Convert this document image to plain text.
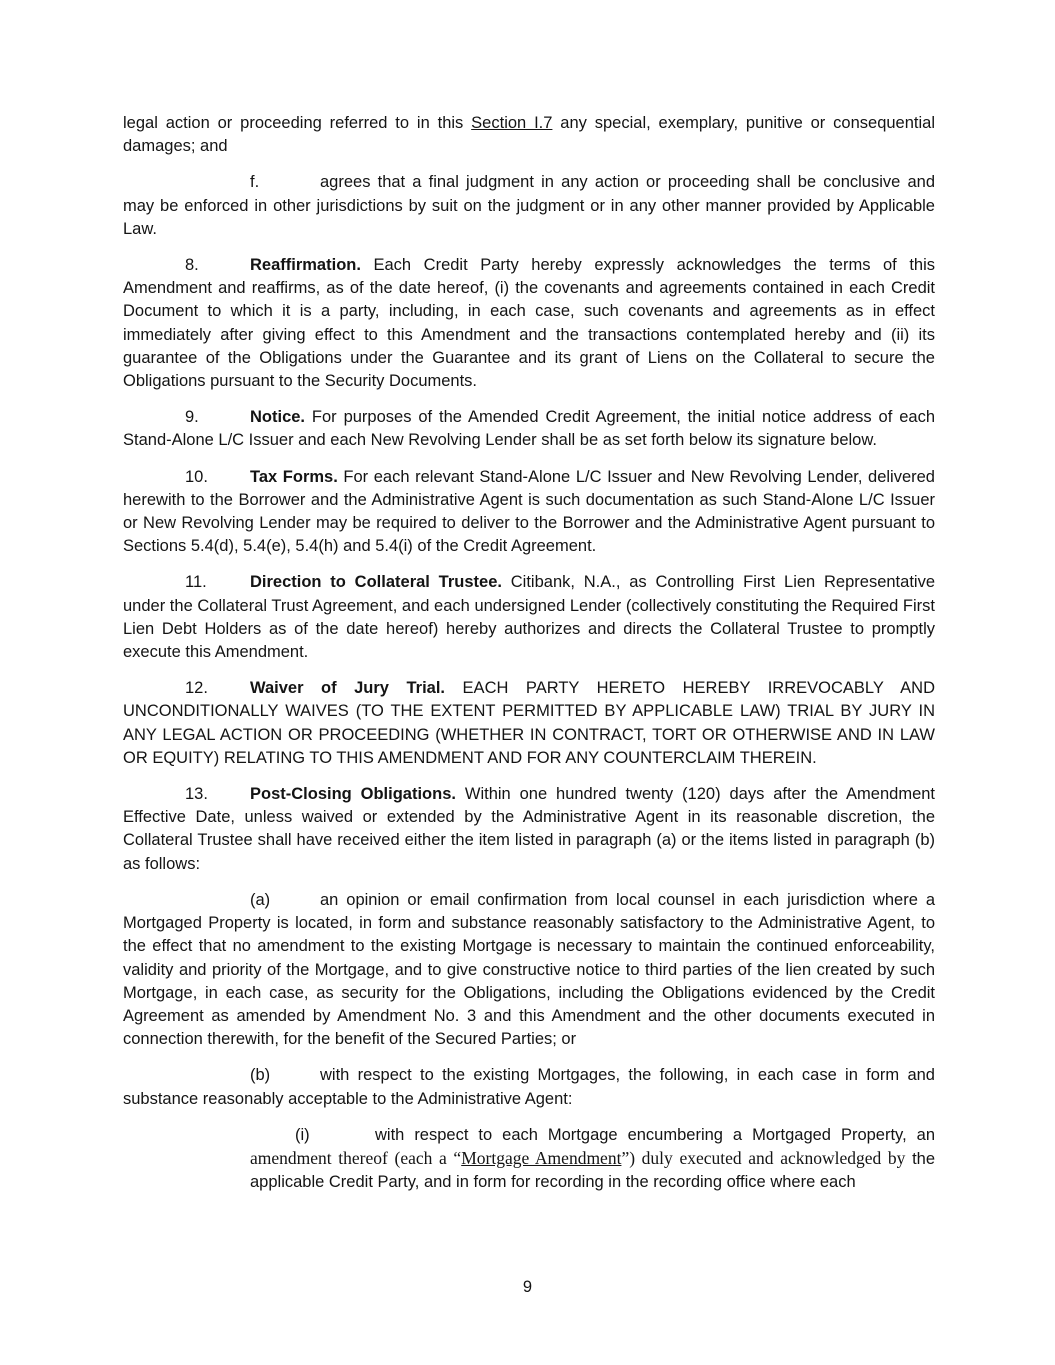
legal action or proceeding referred to in this Section I.7 any special, exemplary, punitive or consequential damages; and

f.	agrees that a final judgment in any action or proceeding shall be conclusive and may be enforced in other jurisdictions by suit on the judgment or in any other manner provided by Applicable Law.

8.	Reaffirmation. Each Credit Party hereby expressly acknowledges the terms of this Amendment and reaffirms, as of the date hereof, (i) the covenants and agreements contained in each Credit Document to which it is a party, including, in each case, such covenants and agreements as in effect immediately after giving effect to this Amendment and the transactions contemplated hereby and (ii) its guarantee of the Obligations under the Guarantee and its grant of Liens on the Collateral to secure the Obligations pursuant to the Security Documents.

9.	Notice. For purposes of the Amended Credit Agreement, the initial notice address of each Stand-Alone L/C Issuer and each New Revolving Lender shall be as set forth below its signature below.

10.	Tax Forms. For each relevant Stand-Alone L/C Issuer and New Revolving Lender, delivered herewith to the Borrower and the Administrative Agent is such documentation as such Stand-Alone L/C Issuer or New Revolving Lender may be required to deliver to the Borrower and the Administrative Agent pursuant to Sections 5.4(d), 5.4(e), 5.4(h) and 5.4(i) of the Credit Agreement.

11.	Direction to Collateral Trustee. Citibank, N.A., as Controlling First Lien Representative under the Collateral Trust Agreement, and each undersigned Lender (collectively constituting the Required First Lien Debt Holders as of the date hereof) hereby authorizes and directs the Collateral Trustee to promptly execute this Amendment.

12.	Waiver of Jury Trial. EACH PARTY HERETO HEREBY IRREVOCABLY AND UNCONDITIONALLY WAIVES (TO THE EXTENT PERMITTED BY APPLICABLE LAW) TRIAL BY JURY IN ANY LEGAL ACTION OR PROCEEDING (WHETHER IN CONTRACT, TORT OR OTHERWISE AND IN LAW OR EQUITY) RELATING TO THIS AMENDMENT AND FOR ANY COUNTERCLAIM THEREIN.

13.	Post-Closing Obligations. Within one hundred twenty (120) days after the Amendment Effective Date, unless waived or extended by the Administrative Agent in its reasonable discretion, the Collateral Trustee shall have received either the item listed in paragraph (a) or the items listed in paragraph (b) as follows:

(a)	an opinion or email confirmation from local counsel in each jurisdiction where a Mortgaged Property is located, in form and substance reasonably satisfactory to the Administrative Agent, to the effect that no amendment to the existing Mortgage is necessary to maintain the continued enforceability, validity and priority of the Mortgage, and to give constructive notice to third parties of the lien created by such Mortgage, in each case, as security for the Obligations, including the Obligations evidenced by the Credit Agreement as amended by Amendment No. 3 and this Amendment and the other documents executed in connection therewith, for the benefit of the Secured Parties; or

(b)	with respect to the existing Mortgages, the following, in each case in form and substance reasonably acceptable to the Administrative Agent:

(i)	with respect to each Mortgage encumbering a Mortgaged Property, an amendment thereof (each a “Mortgage Amendment”) duly executed and acknowledged by the applicable Credit Party, and in form for recording in the recording office where each

9
